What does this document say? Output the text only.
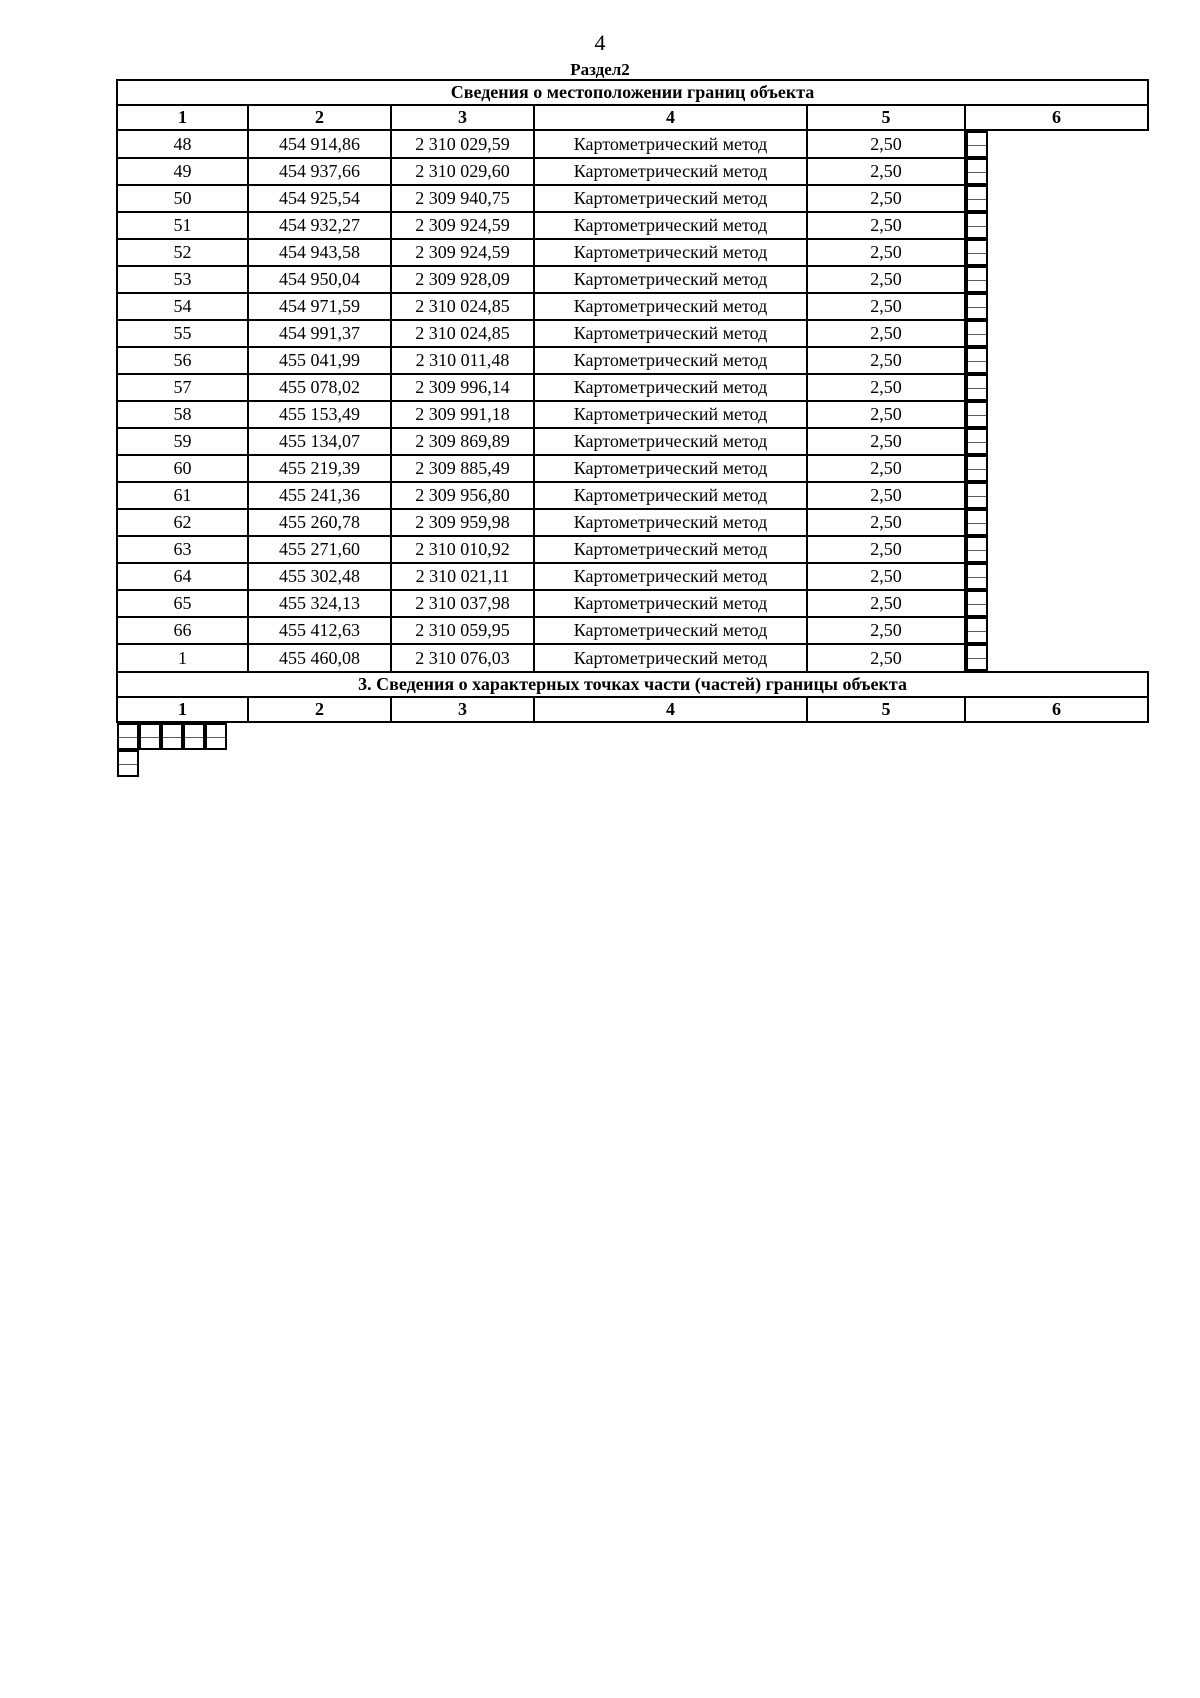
4
Раздел2
Сведения о местоположении границ объекта					
1	2	3	4	5	6
48	454 914,86	2 310 029,59	Картометрический метод	2,50		—
49	454 937,66	2 310 029,60	Картометрический метод	2,50		—
50	454 925,54	2 309 940,75	Картометрический метод	2,50		—
51	454 932,27	2 309 924,59	Картометрический метод	2,50		—
52	454 943,58	2 309 924,59	Картометрический метод	2,50		—
53	454 950,04	2 309 928,09	Картометрический метод	2,50		—
54	454 971,59	2 310 024,85	Картометрический метод	2,50		—
55	454 991,37	2 310 024,85	Картометрический метод	2,50		—
56	455 041,99	2 310 011,48	Картометрический метод	2,50		—
57	455 078,02	2 309 996,14	Картометрический метод	2,50		—
58	455 153,49	2 309 991,18	Картометрический метод	2,50		—
59	455 134,07	2 309 869,89	Картометрический метод	2,50		—
60	455 219,39	2 309 885,49	Картометрический метод	2,50		—
61	455 241,36	2 309 956,80	Картометрический метод	2,50		—
62	455 260,78	2 309 959,98	Картометрический метод	2,50		—
63	455 271,60	2 310 010,92	Картометрический метод	2,50		—
64	455 302,48	2 310 021,11	Картометрический метод	2,50		—
65	455 324,13	2 310 037,98	Картометрический метод	2,50		—
66	455 412,63	2 310 059,95	Картометрический метод	2,50		—
1	455 460,08	2 310 076,03	Картометрический метод	2,50		—
3. Сведения о характерных точках части (частей) границы объекта					
1	2	3	4	5	6
— — — — ——
